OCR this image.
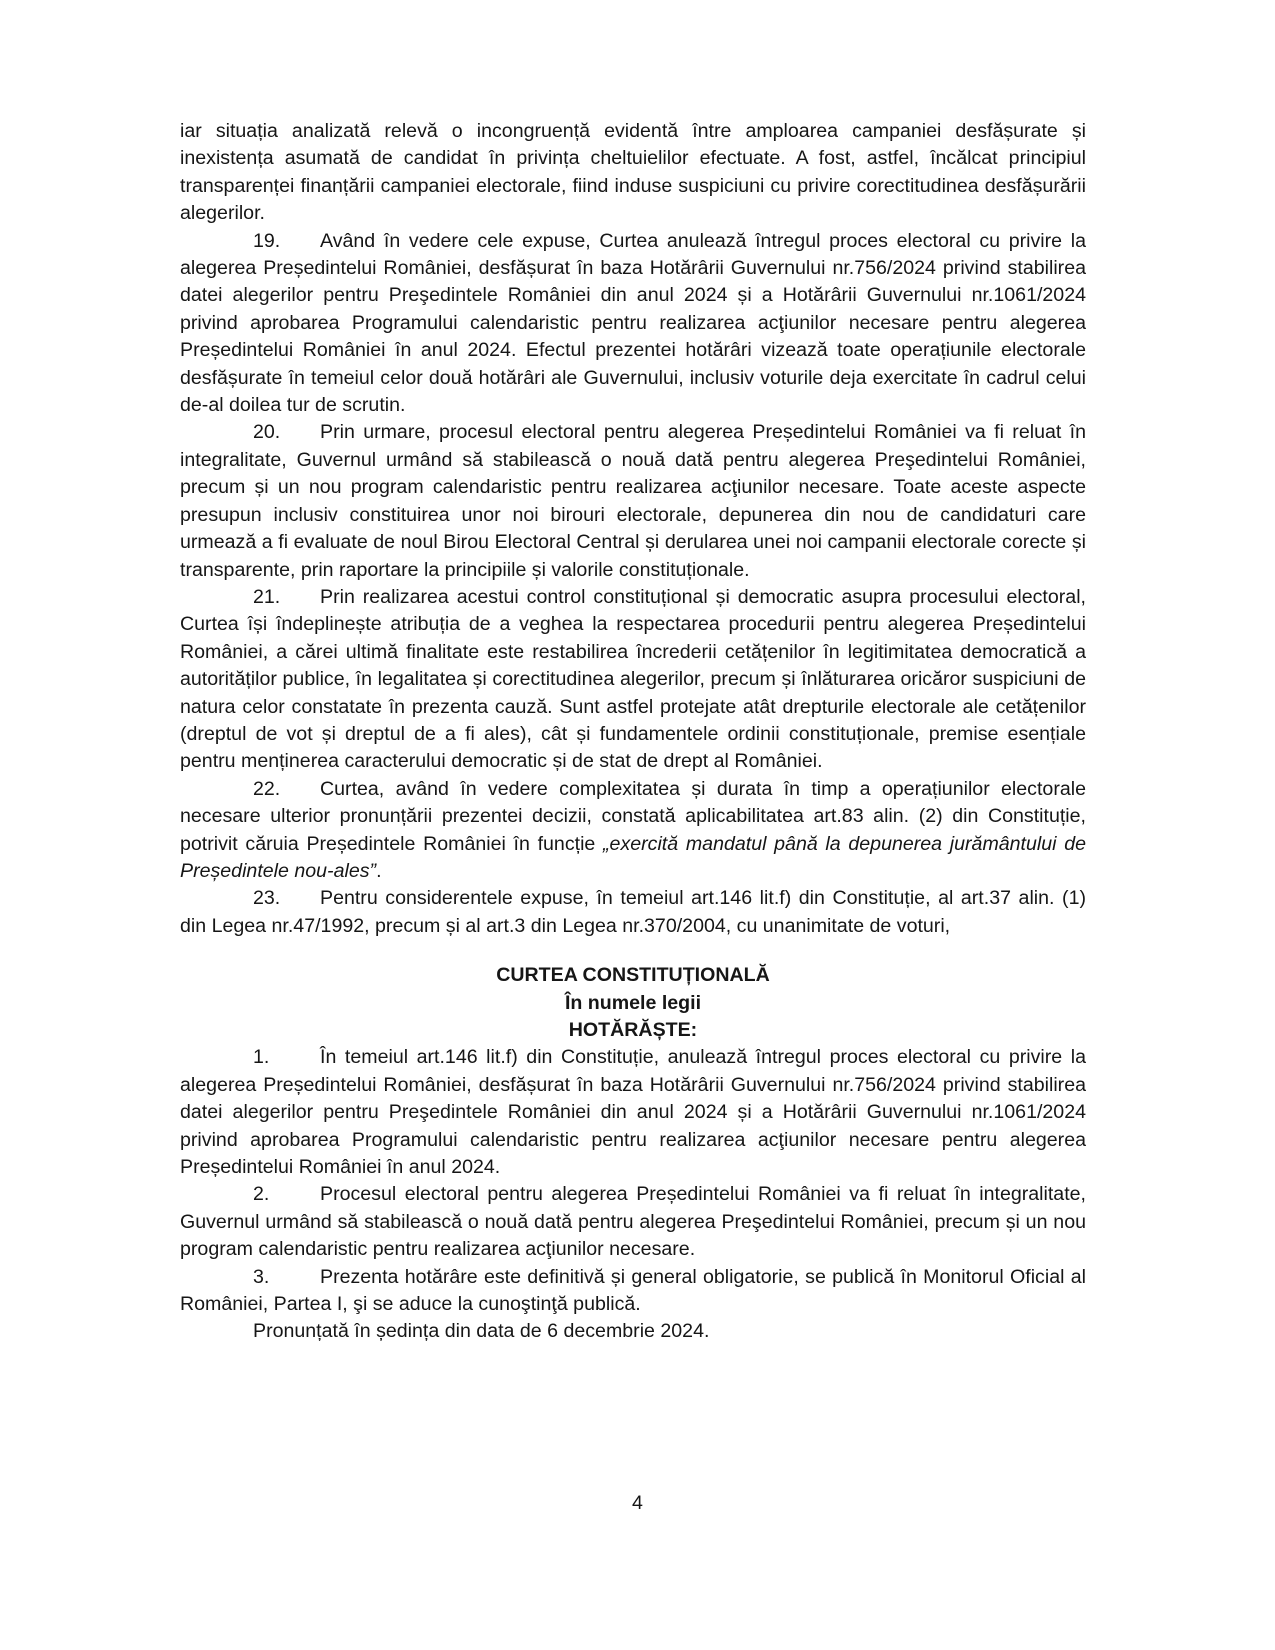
iar situația analizată relevă o incongruență evidentă între amploarea campaniei desfășurate și inexistența asumată de candidat în privința cheltuielilor efectuate. A fost, astfel, încălcat principiul transparenței finanțării campaniei electorale, fiind induse suspiciuni cu privire corectitudinea desfășurării alegerilor.

19. Având în vedere cele expuse, Curtea anulează întregul proces electoral cu privire la alegerea Președintelui României, desfășurat în baza Hotărârii Guvernului nr.756/2024 privind stabilirea datei alegerilor pentru Preşedintele României din anul 2024 și a Hotărârii Guvernului nr.1061/2024 privind aprobarea Programului calendaristic pentru realizarea acţiunilor necesare pentru alegerea Președintelui României în anul 2024. Efectul prezentei hotărâri vizează toate operațiunile electorale desfășurate în temeiul celor două hotărâri ale Guvernului, inclusiv voturile deja exercitate în cadrul celui de-al doilea tur de scrutin.

20. Prin urmare, procesul electoral pentru alegerea Președintelui României va fi reluat în integralitate, Guvernul urmând să stabilească o nouă dată pentru alegerea Preşedintelui României, precum și un nou program calendaristic pentru realizarea acţiunilor necesare. Toate aceste aspecte presupun inclusiv constituirea unor noi birouri electorale, depunerea din nou de candidaturi care urmează a fi evaluate de noul Birou Electoral Central și derularea unei noi campanii electorale corecte și transparente, prin raportare la principiile și valorile constituționale.

21. Prin realizarea acestui control constituțional și democratic asupra procesului electoral, Curtea își îndeplinește atribuția de a veghea la respectarea procedurii pentru alegerea Președintelui României, a cărei ultimă finalitate este restabilirea încrederii cetățenilor în legitimitatea democratică a autorităților publice, în legalitatea și corectitudinea alegerilor, precum și înlăturarea oricăror suspiciuni de natura celor constatate în prezenta cauză. Sunt astfel protejate atât drepturile electorale ale cetățenilor (dreptul de vot și dreptul de a fi ales), cât și fundamentele ordinii constituționale, premise esențiale pentru menținerea caracterului democratic și de stat de drept al României.

22. Curtea, având în vedere complexitatea și durata în timp a operațiunilor electorale necesare ulterior pronunțării prezentei decizii, constată aplicabilitatea art.83 alin. (2) din Constituție, potrivit căruia Președintele României în funcție „exercită mandatul până la depunerea jurământului de Președintele nou-ales”.

23. Pentru considerentele expuse, în temeiul art.146 lit.f) din Constituție, al art.37 alin. (1) din Legea nr.47/1992, precum și al art.3 din Legea nr.370/2004, cu unanimitate de voturi,

CURTEA CONSTITUȚIONALĂ
În numele legii
HOTĂRĂȘTE:

1.	În temeiul art.146 lit.f) din Constituție, anulează întregul proces electoral cu privire la alegerea Președintelui României, desfășurat în baza Hotărârii Guvernului nr.756/2024 privind stabilirea datei alegerilor pentru Preşedintele României din anul 2024 și a Hotărârii Guvernului nr.1061/2024 privind aprobarea Programului calendaristic pentru realizarea acţiunilor necesare pentru alegerea Președintelui României în anul 2024.

2.	Procesul electoral pentru alegerea Președintelui României va fi reluat în integralitate, Guvernul urmând să stabilească o nouă dată pentru alegerea Preşedintelui României, precum și un nou program calendaristic pentru realizarea acţiunilor necesare.

3.	Prezenta hotărâre este definitivă și general obligatorie, se publică în Monitorul Oficial al României, Partea I, şi se aduce la cunoştinţă publică.

Pronunțată în ședința din data de 6 decembrie 2024.

4
